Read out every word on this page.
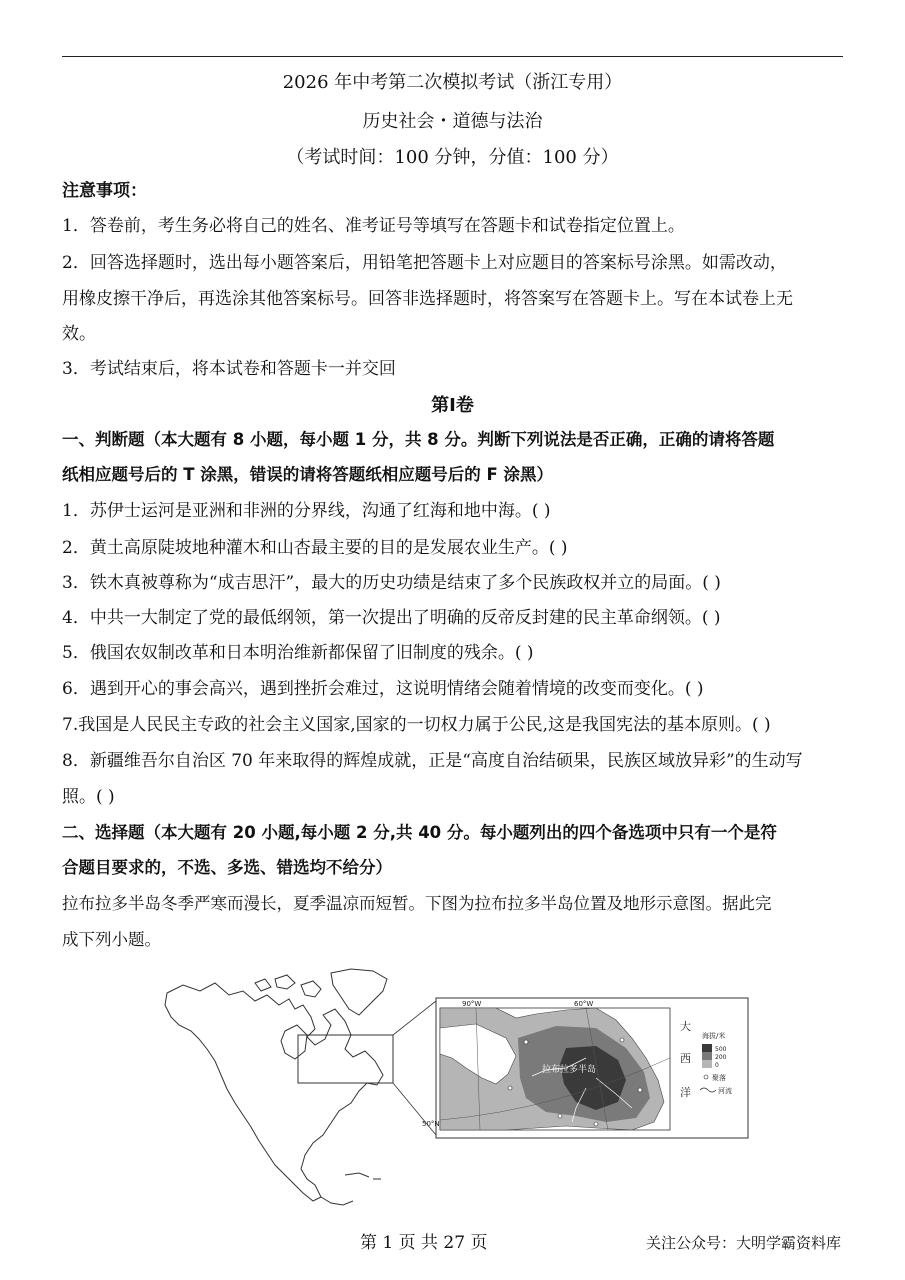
2026 年中考第二次模拟考试（浙江专用）
历史社会・道德与法治
（考试时间：100 分钟，分值：100 分）
注意事项：
1．答卷前，考生务必将自己的姓名、准考证号等填写在答题卡和试卷指定位置上。
2．回答选择题时，选出每小题答案后，用铅笔把答题卡上对应题目的答案标号涂黑。如需改动，
用橡皮擦干净后，再选涂其他答案标号。回答非选择题时，将答案写在答题卡上。写在本试卷上无
效。
3．考试结束后，将本试卷和答题卡一并交回
第Ⅰ卷
一、判断题（本大题有 8 小题，每小题 1 分，共 8 分。判断下列说法是否正确，正确的请将答题
纸相应题号后的 T 涂黑，错误的请将答题纸相应题号后的 F 涂黑）
1．苏伊士运河是亚洲和非洲的分界线，沟通了红海和地中海。( )
2．黄土高原陡坡地种灌木和山杏最主要的目的是发展农业生产。( )
3．铁木真被尊称为“成吉思汗”，最大的历史功绩是结束了多个民族政权并立的局面。( )
4．中共一大制定了党的最低纲领，第一次提出了明确的反帝反封建的民主革命纲领。( )
5．俄国农奴制改革和日本明治维新都保留了旧制度的残余。( )
6．遇到开心的事会高兴，遇到挫折会难过，这说明情绪会随着情境的改变而变化。( )
7.我国是人民民主专政的社会主义国家,国家的一切权力属于公民,这是我国宪法的基本原则。( )
8．新疆维吾尔自治区 70 年来取得的辉煌成就，正是“高度自治结硕果，民族区域放异彩”的生动写
照。( )
二、选择题（本大题有 20 小题,每小题 2 分,共 40 分。每小题列出的四个备选项中只有一个是符
合题目要求的，不选、多选、错选均不给分）
拉布拉多半岛冬季严寒而漫长，夏季温凉而短暂。下图为拉布拉多半岛位置及地形示意图。据此完
成下列小题。
90°W	60°W
50°N
拉布拉多半岛
大
西
洋
海拔/米
500
200
0
聚落
河流
第 1 页 共 27 页	关注公众号：大明学霸资料库
